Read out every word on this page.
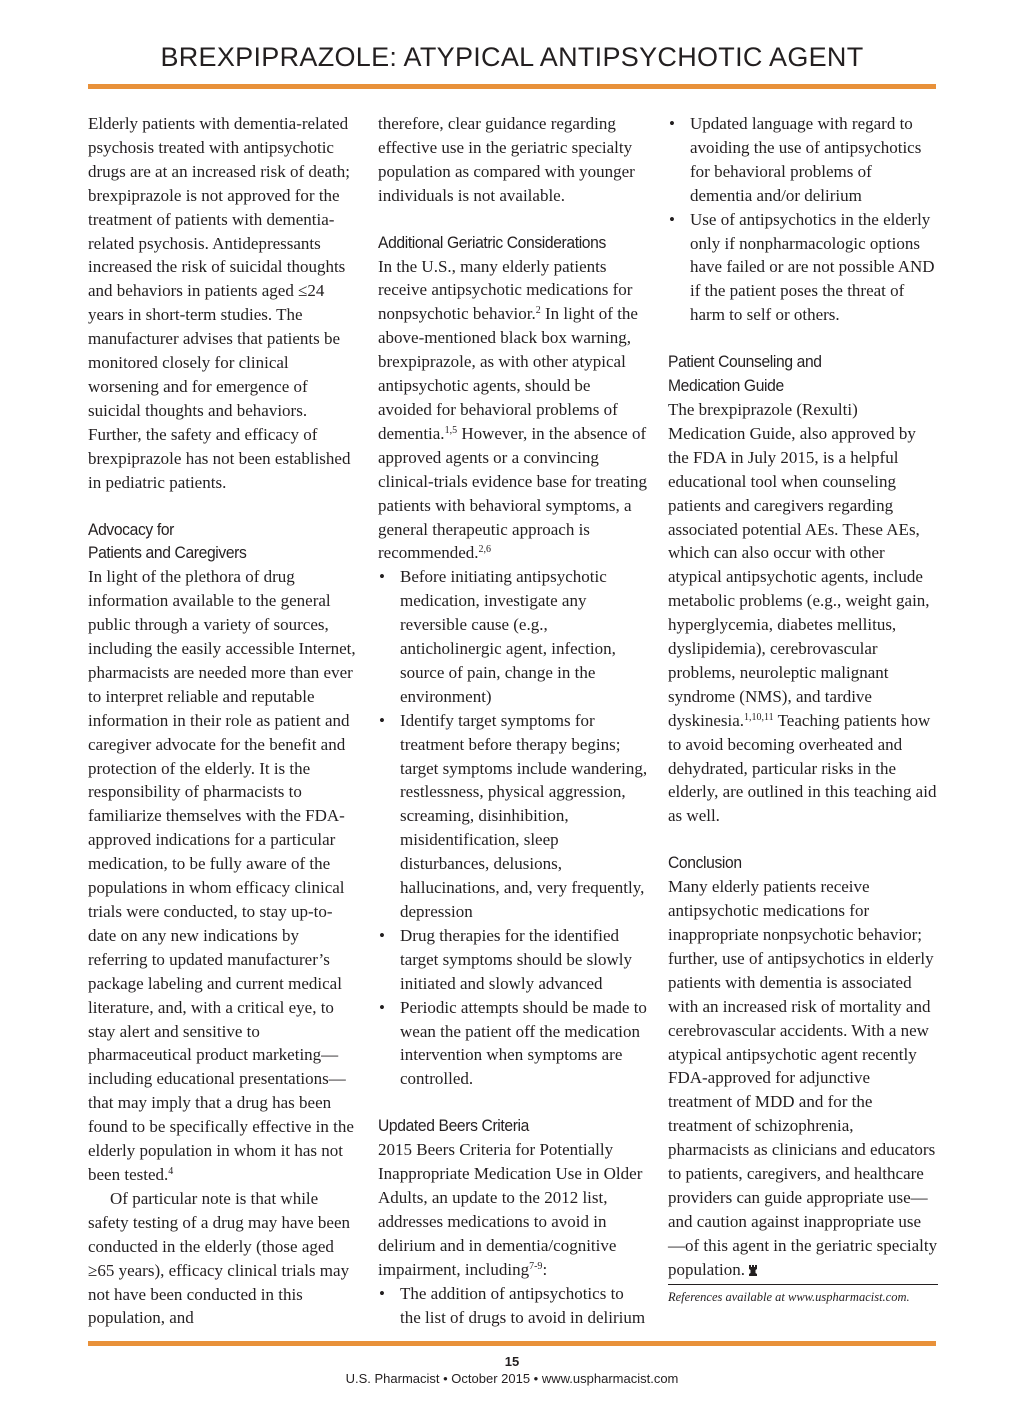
BREXPIPRAZOLE: ATYPICAL ANTIPSYCHOTIC AGENT

Elderly patients with dementia-related psychosis treated with antipsychotic drugs are at an increased risk of death; brexpiprazole is not approved for the treatment of patients with dementia-related psychosis. Antidepressants increased the risk of suicidal thoughts and behaviors in patients aged ≤24 years in short-term studies. The manufacturer advises that patients be monitored closely for clinical worsening and for emergence of suicidal thoughts and behaviors. Further, the safety and efficacy of brexpiprazole has not been established in pediatric patients.

Advocacy for
Patients and Caregivers

In light of the plethora of drug information available to the general public through a variety of sources, including the easily accessible Internet, pharmacists are needed more than ever to interpret reliable and reputable information in their role as patient and caregiver advocate for the benefit and protection of the elderly. It is the responsibility of pharmacists to familiarize themselves with the FDA-approved indications for a particular medication, to be fully aware of the populations in whom efficacy clinical trials were conducted, to stay up-to-date on any new indications by referring to updated manufacturer’s package labeling and current medical literature, and, with a critical eye, to stay alert and sensitive to pharmaceutical product marketing—including educational presentations—that may imply that a drug has been found to be specifically effective in the elderly population in whom it has not been tested.$^4$

Of particular note is that while safety testing of a drug may have been conducted in the elderly (those aged ≥65 years), efficacy clinical trials may not have been conducted in this population, and

therefore, clear guidance regarding effective use in the geriatric specialty population as compared with younger individuals is not available.

Additional Geriatric Considerations

In the U.S., many elderly patients receive antipsychotic medications for nonpsychotic behavior.$^2$ In light of the above-mentioned black box warning, brexpiprazole, as with other atypical antipsychotic agents, should be avoided for behavioral problems of dementia.$^{1,5}$ However, in the absence of approved agents or a convincing clinical-trials evidence base for treating patients with behavioral symptoms, a general therapeutic approach is recommended.$^{2,6}$

• Before initiating antipsychotic medication, investigate any reversible cause (e.g., anticholinergic agent, infection, source of pain, change in the environment)
• Identify target symptoms for treatment before therapy begins; target symptoms include wandering, restlessness, physical aggression, screaming, disinhibition, misidentification, sleep disturbances, delusions, hallucinations, and, very frequently, depression
• Drug therapies for the identified target symptoms should be slowly initiated and slowly advanced
• Periodic attempts should be made to wean the patient off the medication intervention when symptoms are controlled.
Updated Beers Criteria

2015 Beers Criteria for Potentially Inappropriate Medication Use in Older Adults, an update to the 2012 list, addresses medications to avoid in delirium and in dementia/cognitive impairment, including$^{7-9}$:

• The addition of antipsychotics to the list of drugs to avoid in delirium
• Updated language with regard to avoiding the use of antipsychotics for behavioral problems of dementia and/or delirium
• Use of antipsychotics in the elderly only if nonpharmacologic options have failed or are not possible AND if the patient poses the threat of harm to self or others.
Patient Counseling and
Medication Guide

The brexpiprazole (Rexulti) Medication Guide, also approved by the FDA in July 2015, is a helpful educational tool when counseling patients and caregivers regarding associated potential AEs. These AEs, which can also occur with other atypical antipsychotic agents, include metabolic problems (e.g., weight gain, hyperglycemia, diabetes mellitus, dyslipidemia), cerebrovascular problems, neuroleptic malignant syndrome (NMS), and tardive dyskinesia.$^{1,10,11}$ Teaching patients how to avoid becoming overheated and dehydrated, particular risks in the elderly, are outlined in this teaching aid as well.

Conclusion

Many elderly patients receive antipsychotic medications for inappropriate nonpsychotic behavior; further, use of antipsychotics in elderly patients with dementia is associated with an increased risk of mortality and cerebrovascular accidents. With a new atypical antipsychotic agent recently FDA-approved for adjunctive treatment of MDD and for the treatment of schizophrenia, pharmacists as clinicians and educators to patients, caregivers, and healthcare providers can guide appropriate use—and caution against inappropriate use—of this agent in the geriatric specialty population.

References available at www.uspharmacist.com.

15
U.S. Pharmacist • October 2015 • www.uspharmacist.com
